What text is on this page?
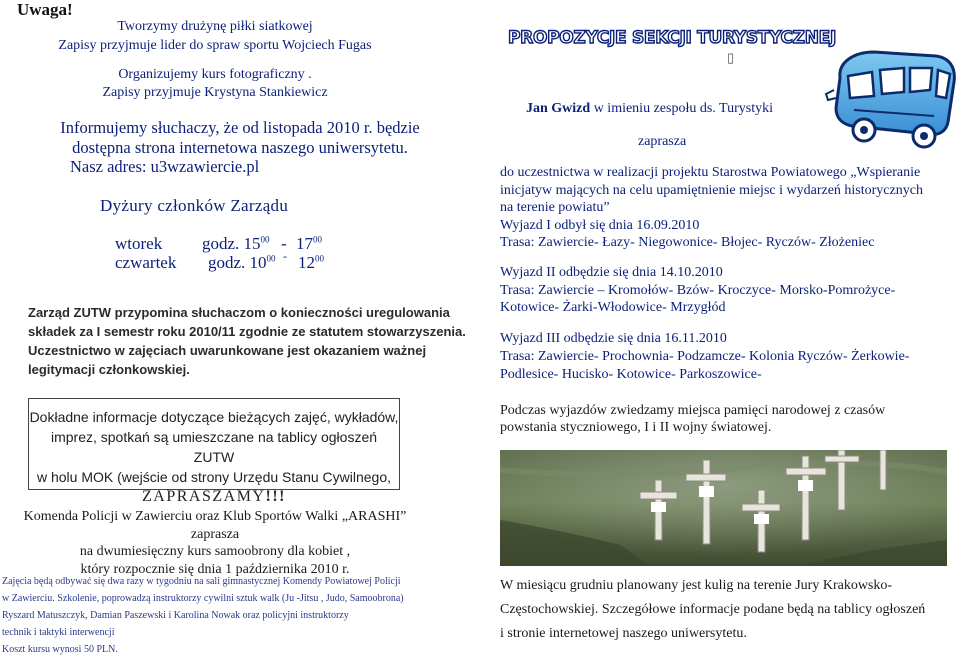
Uwaga!
Tworzymy drużynę piłki siatkowej
Zapisy przyjmuje lider do spraw sportu Wojciech Fugas
Organizujemy kurs fotograficzny .
Zapisy przyjmuje Krystyna Stankiewicz
Informujemy słuchaczy, że od listopada 2010 r. będzie
dostępna strona internetowa naszego uniwersytetu.
Nasz adres: u3wzawiercie.pl
Dyżury członków Zarządu
wtorek godz. $15^{00} - 17^{00}$
czwartek godz. $10^{00} - 12^{00}$
Zarząd ZUTW przypomina słuchaczom o konieczności uregulowania
składek za I semestr roku 2010/11 zgodnie ze statutem stowarzyszenia.
Uczestnictwo w zajęciach uwarunkowane jest okazaniem ważnej
legitymacji członkowskiej.
Dokładne informacje dotyczące bieżących zajęć, wykładów,
imprez, spotkań są umieszczane na tablicy ogłoszeń ZUTW
w holu MOK (wejście od strony Urzędu Stanu Cywilnego,
ZAPRASZAMY!!!
Komenda Policji w Zawierciu oraz Klub Sportów Walki „ARASHI”
zaprasza
na dwumiesięczny kurs samoobrony dla kobiet ,
który rozpocznie się dnia 1 października 2010 r.
Zajęcia będą odbywać się dwa razy w tygodniu na sali gimnastycznej Komendy Powiatowej Policji
w Zawierciu. Szkolenie, poprowadzą instruktorzy cywilni sztuk walk (Ju -Jitsu , Judo, Samoobrona)
Ryszard Matuszczyk, Damian Paszewski i Karolina Nowak oraz policyjni instruktorzy
technik i taktyki interwencji
Koszt kursu wynosi 50 PLN.
PROPOZYCJE SEKCJI TURYSTYCZNEJ
▯
Jan Gwizd w imieniu zespołu ds. Turystyki
zaprasza
do uczestnictwa w realizacji projektu Starostwa Powiatowego „Wspieranie
inicjatyw mających na celu upamiętnienie miejsc i wydarzeń historycznych
na terenie powiatu”
Wyjazd I odbył się dnia 16.09.2010
Trasa: Zawiercie- Łazy- Niegowonice- Błojec- Ryczów- Złożeniec
Wyjazd II odbędzie się dnia 14.10.2010
Trasa: Zawiercie – Kromołów- Bzów- Kroczyce- Morsko-Pomrożyce-
Kotowice- Żarki-Włodowice- Mrzygłód
Wyjazd III odbędzie się dnia 16.11.2010
Trasa: Zawiercie- Prochownia- Podzamcze- Kolonia Ryczów- Żerkowie-
Podlesice- Hucisko- Kotowice- Parkoszowice-
Podczas wyjazdów zwiedzamy miejsca pamięci narodowej z czasów
powstania styczniowego, I i II wojny światowej.
W miesiącu grudniu planowany jest kulig na terenie Jury Krakowsko-
Częstochowskiej. Szczegółowe informacje podane będą na tablicy ogłoszeń
i stronie internetowej naszego uniwersytetu.
